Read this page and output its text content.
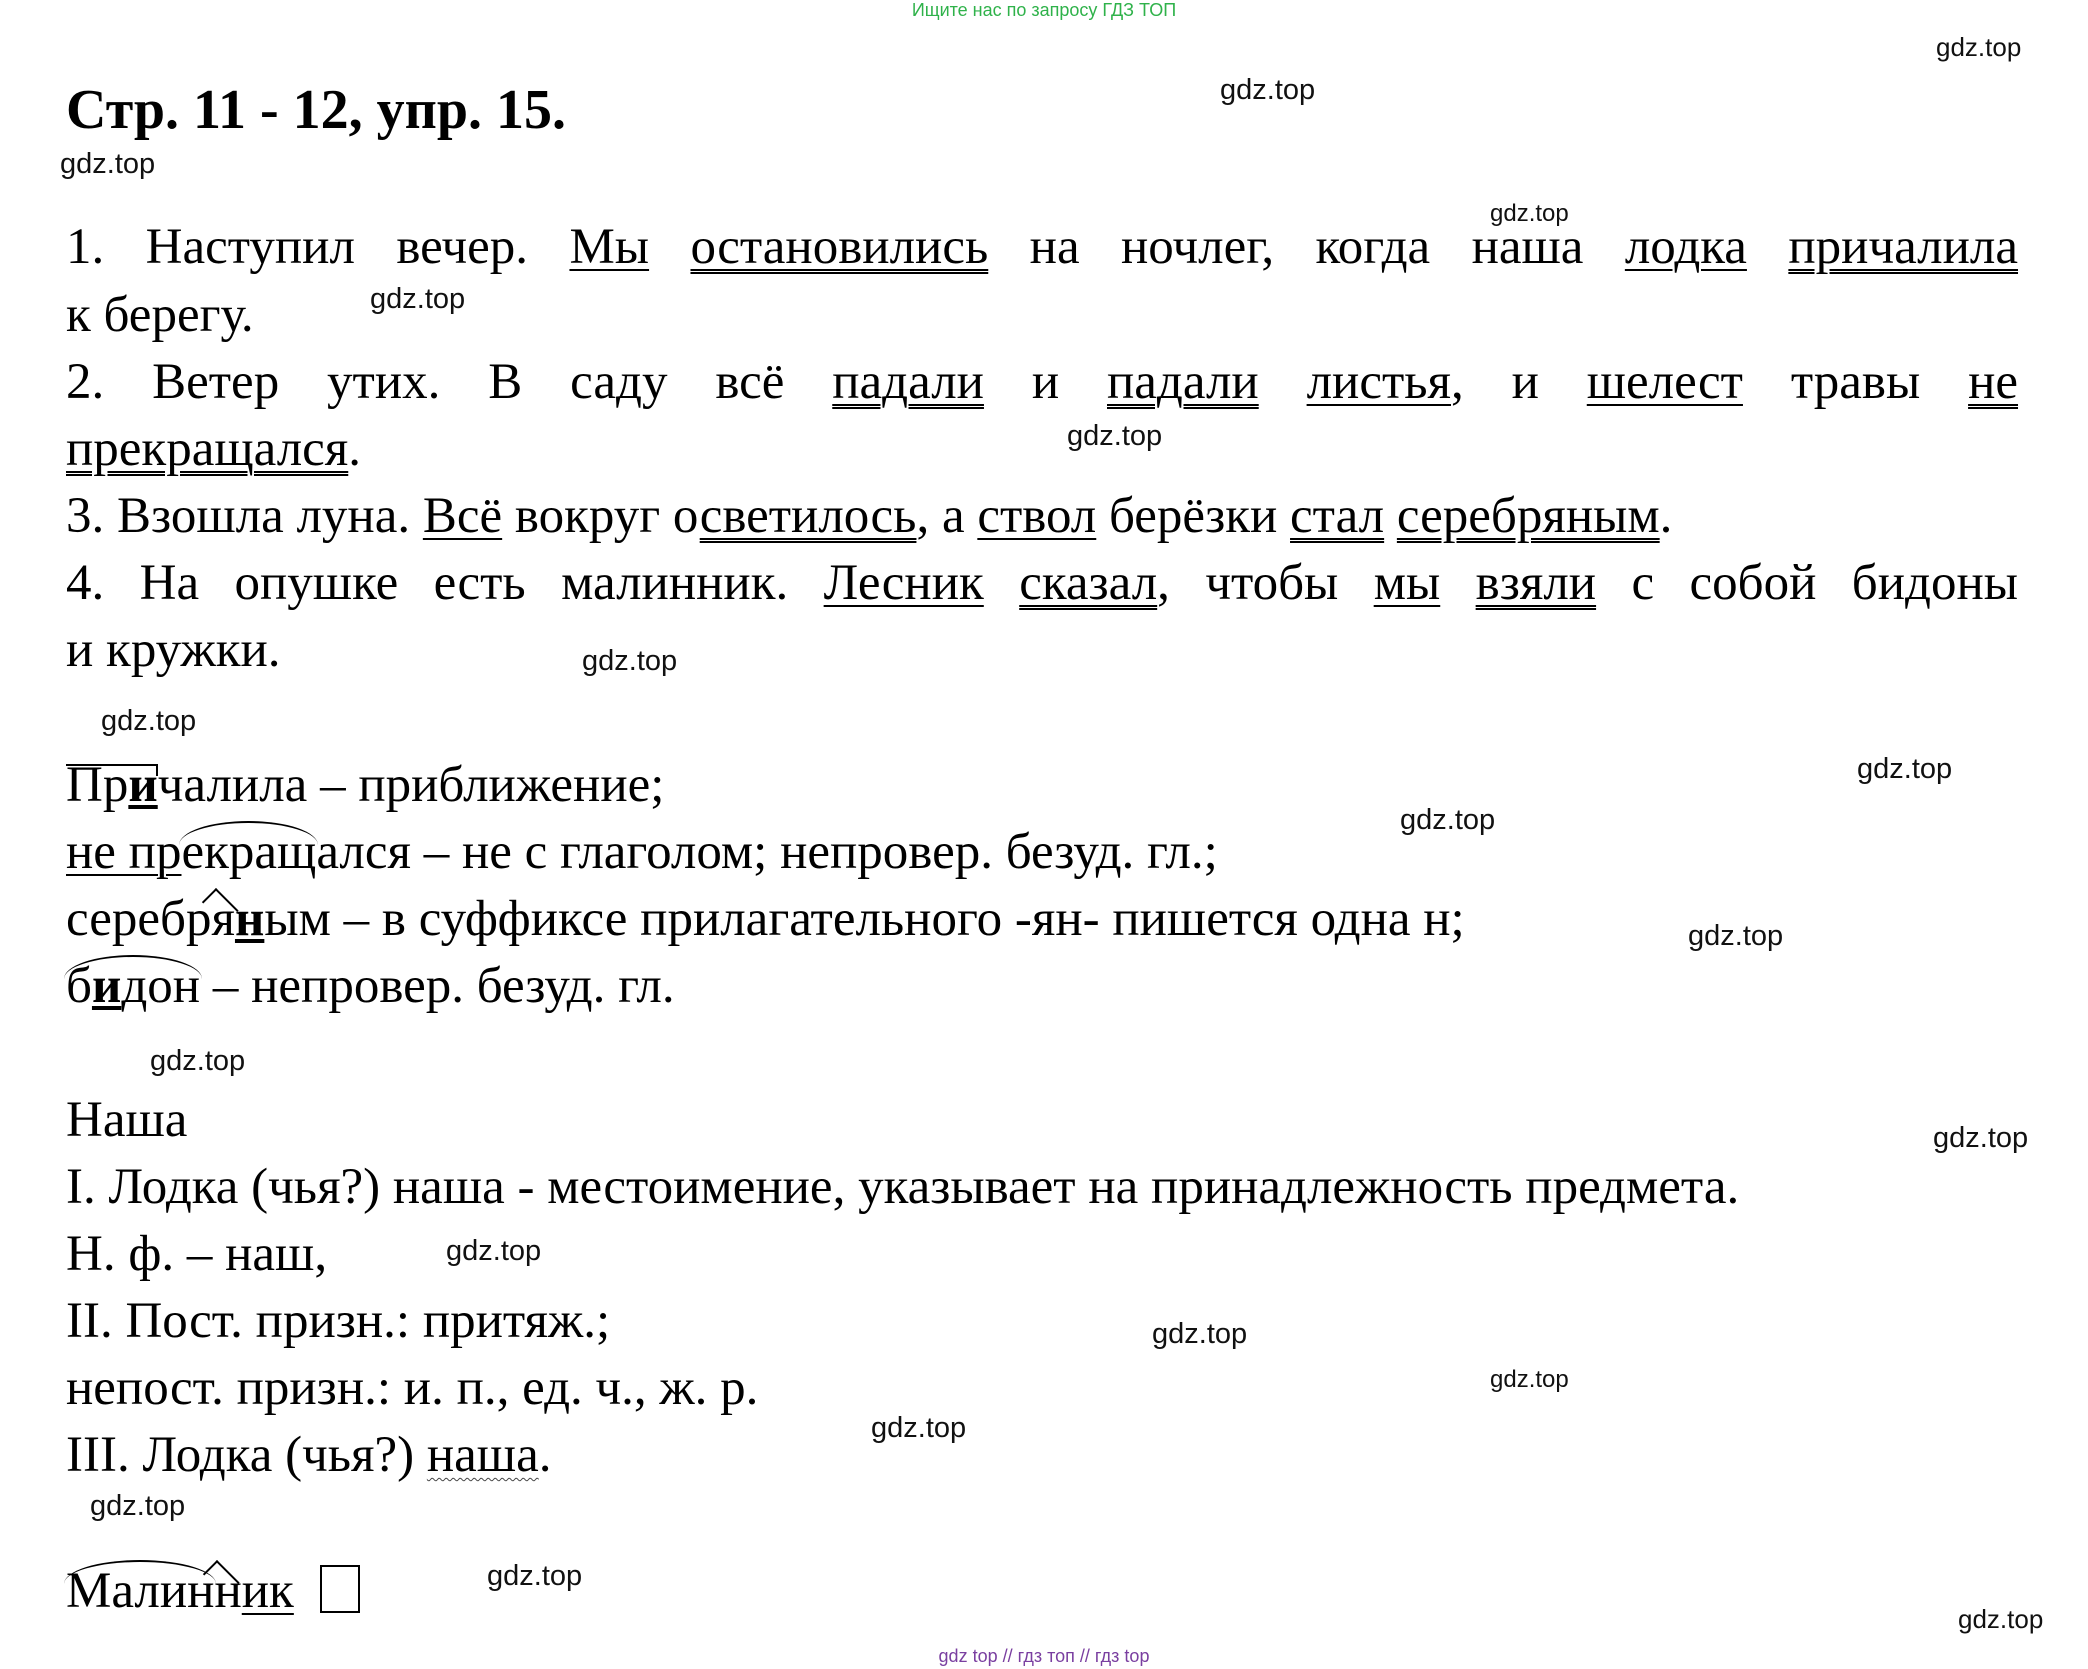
Ищите нас по запросу ГДЗ ТОП
Стр. 11 - 12, упр. 15.
gdz.top
gdz.top
gdz.top
gdz.top
gdz.top
gdz.top
gdz.top
gdz.top
gdz.top
gdz.top
gdz.top
gdz.top
gdz.top
gdz.top
gdz.top
gdz.top
gdz.top
gdz.top
gdz.top
gdz.top
1. Наступил вечер. Мы остановились на ночлег, когда наша лодка причалила
к берегу.
2. Ветер утих. В саду всё падали и падали листья, и шелест травы не
прекращался.
3. Взошла луна. Всё вокруг осветилось, а ствол берёзки стал серебряным.
4. На опушке есть малинник. Лесник сказал, чтобы мы взяли с собой бидоны
и кружки.
Причалила – приближение;
не прекращался – не с глаголом; непровер. безуд. гл.;
серебряным – в суффиксе прилагательного -ян- пишется одна н;
бидон – непровер. безуд. гл.
Наша
I. Лодка (чья?) наша - местоимение, указывает на принадлежность предмета.
Н. ф. – наш,
II. Пост. призн.: притяж.;
непост. призн.: и. п., ед. ч., ж. р.
III. Лодка (чья?) наша.
Малинник
gdz top // гдз топ // гдз top
